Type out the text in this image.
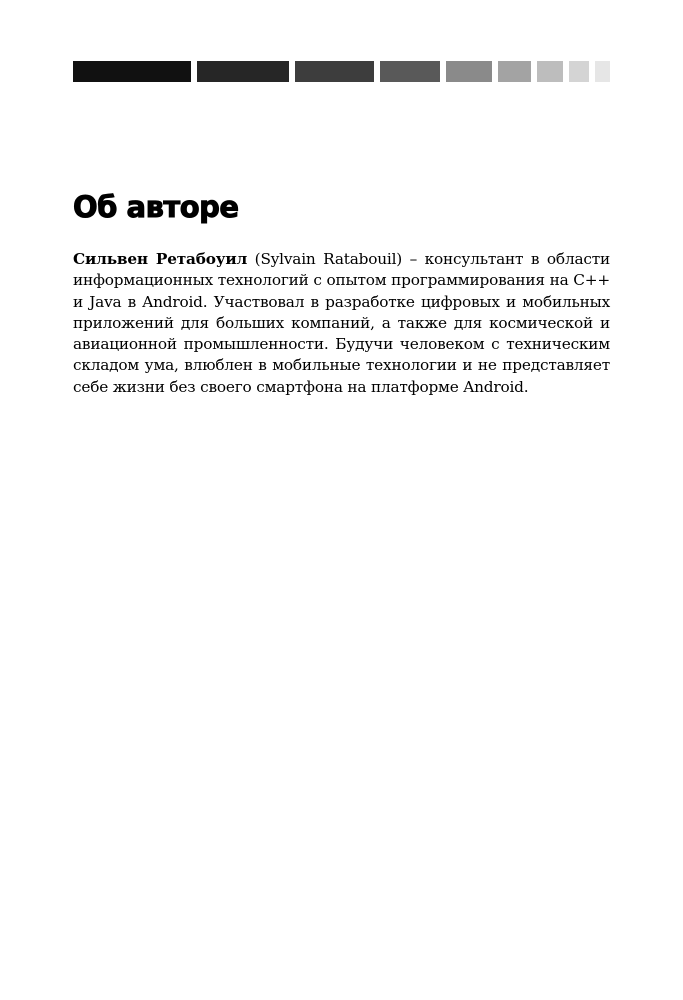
Об авторе

Сильвен Ретабоуил (Sylvain Ratabouil) – консультант в области информационных технологий с опытом программирования на C++ и Java в Android. Участвовал в разработке цифровых и мобильных приложений для больших компаний, а также для космической и авиационной промышленности. Будучи человеком с техническим складом ума, влюблен в мобильные технологии и не представляет себе жизни без своего смартфона на платформе Android.
